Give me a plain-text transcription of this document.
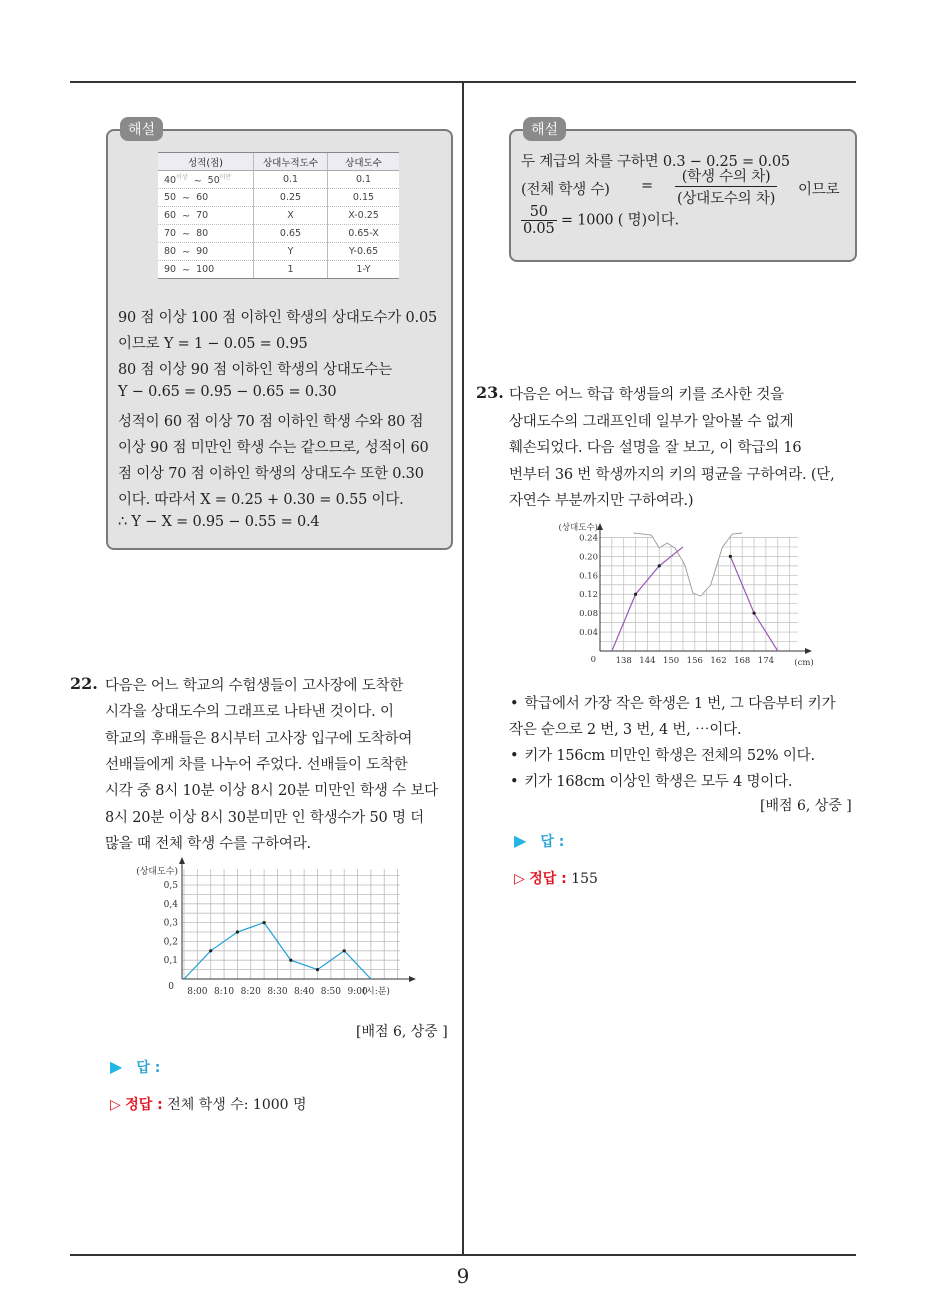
9
해설
성적(점)	상대누적도수	상대도수
$40^{이상}$ ~ $50^{미만}$	0.1	0.1
50 ~ 60	0.25	0.15
60 ~ 70	X	X-0.25
70 ~ 80	0.65	0.65-X
80 ~ 90	Y	Y-0.65
90 ~ 100	1	1-Y
90 점 이상 100 점 이하인 학생의 상대도수가 0.05
이므로 Y = 1 − 0.05 = 0.95
80 점 이상 90 점 이하인 학생의 상대도수는
Y − 0.65 = 0.95 − 0.65 = 0.30
성적이 60 점 이상 70 점 이하인 학생 수와 80 점
이상 90 점 미만인 학생 수는 같으므로, 성적이 60
점 이상 70 점 이하인 학생의 상대도수 또한 0.30
이다. 따라서 X = 0.25 + 0.30 = 0.55 이다.
∴ Y − X = 0.95 − 0.55 = 0.4
해설
두 계급의 차를 구하면 0.3 − 0.25 = 0.05
(전체 학생 수) = $\frac{\text{(학생 수의 차)}}{\text{(상대도수의 차)}}$ 이므로
$\frac{50}{0.05} = 1000$ ( 명)이다.
22. 다음은 어느 학교의 수험생들이 고사장에 도착한
시각을 상대도수의 그래프로 나타낸 것이다. 이
학교의 후배들은 8시부터 고사장 입구에 도착하여
선배들에게 차를 나누어 주었다. 선배들이 도착한
시각 중 8시 10분 이상 8시 20분 미만인 학생 수 보다
8시 20분 이상 8시 30분미만 인 학생수가 50 명 더
많을 때 전체 학생 수를 구하여라.
(상대도수)
0,1
0,2
0,3
0,4
0,5
0 8:00 8:10 8:20 8:30 8:40 8:50 9:00
(시:분)
[배점 6, 상중 ]
▶ 답 :
▷ 정답 : 전체 학생 수: 1000 명
23. 다음은 어느 학급 학생들의 키를 조사한 것을
상대도수의 그래프인데 일부가 알아볼 수 없게
훼손되었다. 다음 설명을 잘 보고, 이 학급의 16
번부터 36 번 학생까지의 키의 평균을 구하여라. (단,
자연수 부분까지만 구하여라.)
(상대도수)
0.04
0.08
0.12
0.16
0.20
0.24
0 138 144 150 156 162 168 174 (cm)
• 학급에서 가장 작은 학생은 1 번, 그 다음부터 키가
작은 순으로 2 번, 3 번, 4 번, ⋯이다.
• 키가 156cm 미만인 학생은 전체의 52% 이다.
• 키가 168cm 이상인 학생은 모두 4 명이다.
[배점 6, 상중 ]
▶ 답 :
▷ 정답 : 155
